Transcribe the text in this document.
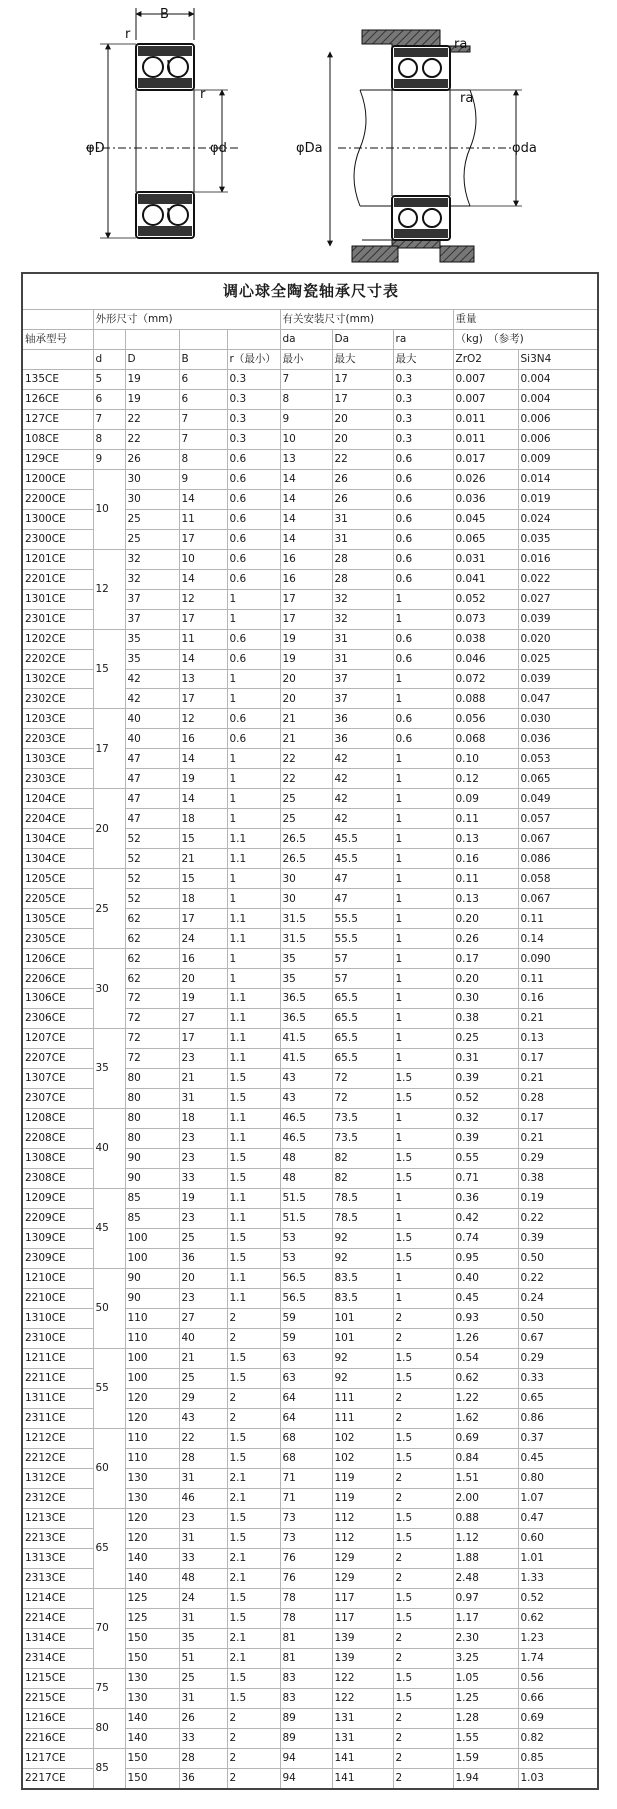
B
r
r
φD	φd	φDa	φda
ra
ra
调心球全陶瓷轴承尺寸表									
	外形尺寸（mm)				有关安装尺寸(mm)			重量	
轴承型号					da	Da	ra	（kg)　（参考)	
	d	D	B	r（最小）	最小	最大	最大	ZrO2	Si3N4
135CE	5	19	6	0.3	7	17	0.3	0.007	0.004
126CE	6	19	6	0.3	8	17	0.3	0.007	0.004
127CE	7	22	7	0.3	9	20	0.3	0.011	0.006
108CE	8	22	7	0.3	10	20	0.3	0.011	0.006
129CE	9	26	8	0.6	13	22	0.6	0.017	0.009
1200CE	10	30	9	0.6	14	26	0.6	0.026	0.014
2200CE		30	14	0.6	14	26	0.6	0.036	0.019
1300CE		25	11	0.6	14	31	0.6	0.045	0.024
2300CE		25	17	0.6	14	31	0.6	0.065	0.035
1201CE	12	32	10	0.6	16	28	0.6	0.031	0.016
2201CE		32	14	0.6	16	28	0.6	0.041	0.022
1301CE		37	12	1	17	32	1	0.052	0.027
2301CE		37	17	1	17	32	1	0.073	0.039
1202CE	15	35	11	0.6	19	31	0.6	0.038	0.020
2202CE		35	14	0.6	19	31	0.6	0.046	0.025
1302CE		42	13	1	20	37	1	0.072	0.039
2302CE		42	17	1	20	37	1	0.088	0.047
1203CE	17	40	12	0.6	21	36	0.6	0.056	0.030
2203CE		40	16	0.6	21	36	0.6	0.068	0.036
1303CE		47	14	1	22	42	1	0.10	0.053
2303CE		47	19	1	22	42	1	0.12	0.065
1204CE	20	47	14	1	25	42	1	0.09	0.049
2204CE		47	18	1	25	42	1	0.11	0.057
1304CE		52	15	1.1	26.5	45.5	1	0.13	0.067
1304CE		52	21	1.1	26.5	45.5	1	0.16	0.086
1205CE	25	52	15	1	30	47	1	0.11	0.058
2205CE		52	18	1	30	47	1	0.13	0.067
1305CE		62	17	1.1	31.5	55.5	1	0.20	0.11
2305CE		62	24	1.1	31.5	55.5	1	0.26	0.14
1206CE	30	62	16	1	35	57	1	0.17	0.090
2206CE		62	20	1	35	57	1	0.20	0.11
1306CE		72	19	1.1	36.5	65.5	1	0.30	0.16
2306CE		72	27	1.1	36.5	65.5	1	0.38	0.21
1207CE	35	72	17	1.1	41.5	65.5	1	0.25	0.13
2207CE		72	23	1.1	41.5	65.5	1	0.31	0.17
1307CE		80	21	1.5	43	72	1.5	0.39	0.21
2307CE		80	31	1.5	43	72	1.5	0.52	0.28
1208CE	40	80	18	1.1	46.5	73.5	1	0.32	0.17
2208CE		80	23	1.1	46.5	73.5	1	0.39	0.21
1308CE		90	23	1.5	48	82	1.5	0.55	0.29
2308CE		90	33	1.5	48	82	1.5	0.71	0.38
1209CE	45	85	19	1.1	51.5	78.5	1	0.36	0.19
2209CE		85	23	1.1	51.5	78.5	1	0.42	0.22
1309CE		100	25	1.5	53	92	1.5	0.74	0.39
2309CE		100	36	1.5	53	92	1.5	0.95	0.50
1210CE	50	90	20	1.1	56.5	83.5	1	0.40	0.22
2210CE		90	23	1.1	56.5	83.5	1	0.45	0.24
1310CE		110	27	2	59	101	2	0.93	0.50
2310CE		110	40	2	59	101	2	1.26	0.67
1211CE	55	100	21	1.5	63	92	1.5	0.54	0.29
2211CE		100	25	1.5	63	92	1.5	0.62	0.33
1311CE		120	29	2	64	111	2	1.22	0.65
2311CE		120	43	2	64	111	2	1.62	0.86
1212CE	60	110	22	1.5	68	102	1.5	0.69	0.37
2212CE		110	28	1.5	68	102	1.5	0.84	0.45
1312CE		130	31	2.1	71	119	2	1.51	0.80
2312CE		130	46	2.1	71	119	2	2.00	1.07
1213CE	65	120	23	1.5	73	112	1.5	0.88	0.47
2213CE		120	31	1.5	73	112	1.5	1.12	0.60
1313CE		140	33	2.1	76	129	2	1.88	1.01
2313CE		140	48	2.1	76	129	2	2.48	1.33
1214CE	70	125	24	1.5	78	117	1.5	0.97	0.52
2214CE		125	31	1.5	78	117	1.5	1.17	0.62
1314CE		150	35	2.1	81	139	2	2.30	1.23
2314CE		150	51	2.1	81	139	2	3.25	1.74
1215CE	75	130	25	1.5	83	122	1.5	1.05	0.56
2215CE		130	31	1.5	83	122	1.5	1.25	0.66
1216CE	80	140	26	2	89	131	2	1.28	0.69
2216CE		140	33	2	89	131	2	1.55	0.82
1217CE	85	150	28	2	94	141	2	1.59	0.85
2217CE		150	36	2	94	141	2	1.94	1.03
